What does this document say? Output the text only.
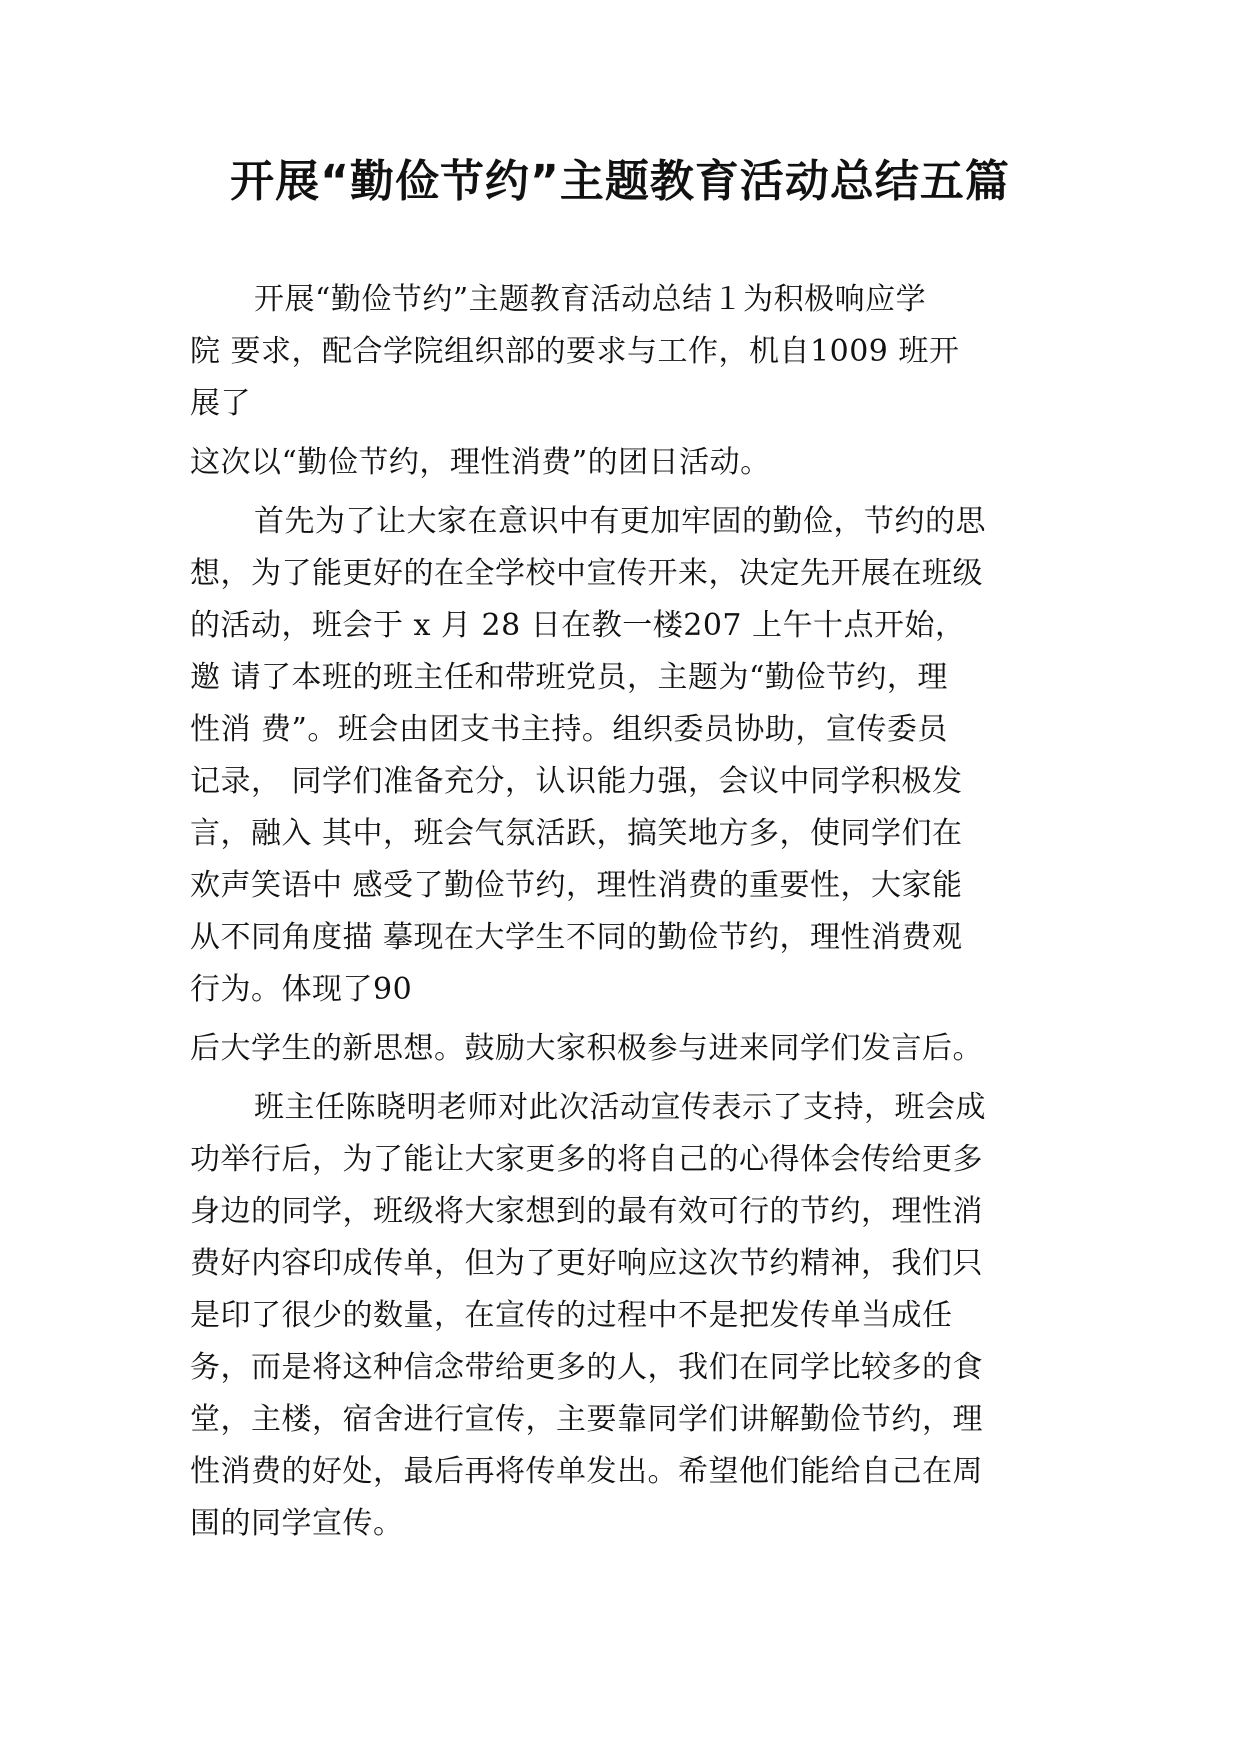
开展“勤俭节约”主题教育活动总结五篇

开展“勤俭节约”主题教育活动总结１为积极响应学
院 要求，配合学院组织部的要求与工作，机自1009 班开
展了

这次以“勤俭节约，理性消费”的团日活动。

首先为了让大家在意识中有更加牢固的勤俭，节约的思
想，为了能更好的在全学校中宣传开来，决定先开展在班级
的活动，班会于 x 月 28 日在教一楼207 上午十点开始，
邀 请了本班的班主任和带班党员，主题为“勤俭节约，理
性消 费”。班会由团支书主持。组织委员协助，宣传委员
记录， 同学们准备充分，认识能力强，会议中同学积极发
言，融入 其中，班会气氛活跃，搞笑地方多，使同学们在
欢声笑语中 感受了勤俭节约，理性消费的重要性，大家能
从不同角度描 摹现在大学生不同的勤俭节约，理性消费观
行为。体现了90

后大学生的新思想。鼓励大家积极参与进来同学们发言后。

班主任陈晓明老师对此次活动宣传表示了支持，班会成
功举行后，为了能让大家更多的将自己的心得体会传给更多
身边的同学，班级将大家想到的最有效可行的节约，理性消
费好内容印成传单，但为了更好响应这次节约精神，我们只
是印了很少的数量，在宣传的过程中不是把发传单当成任
务，而是将这种信念带给更多的人，我们在同学比较多的食
堂，主楼，宿舍进行宣传，主要靠同学们讲解勤俭节约，理
性消费的好处，最后再将传单发出。希望他们能给自己在周
围的同学宣传。
